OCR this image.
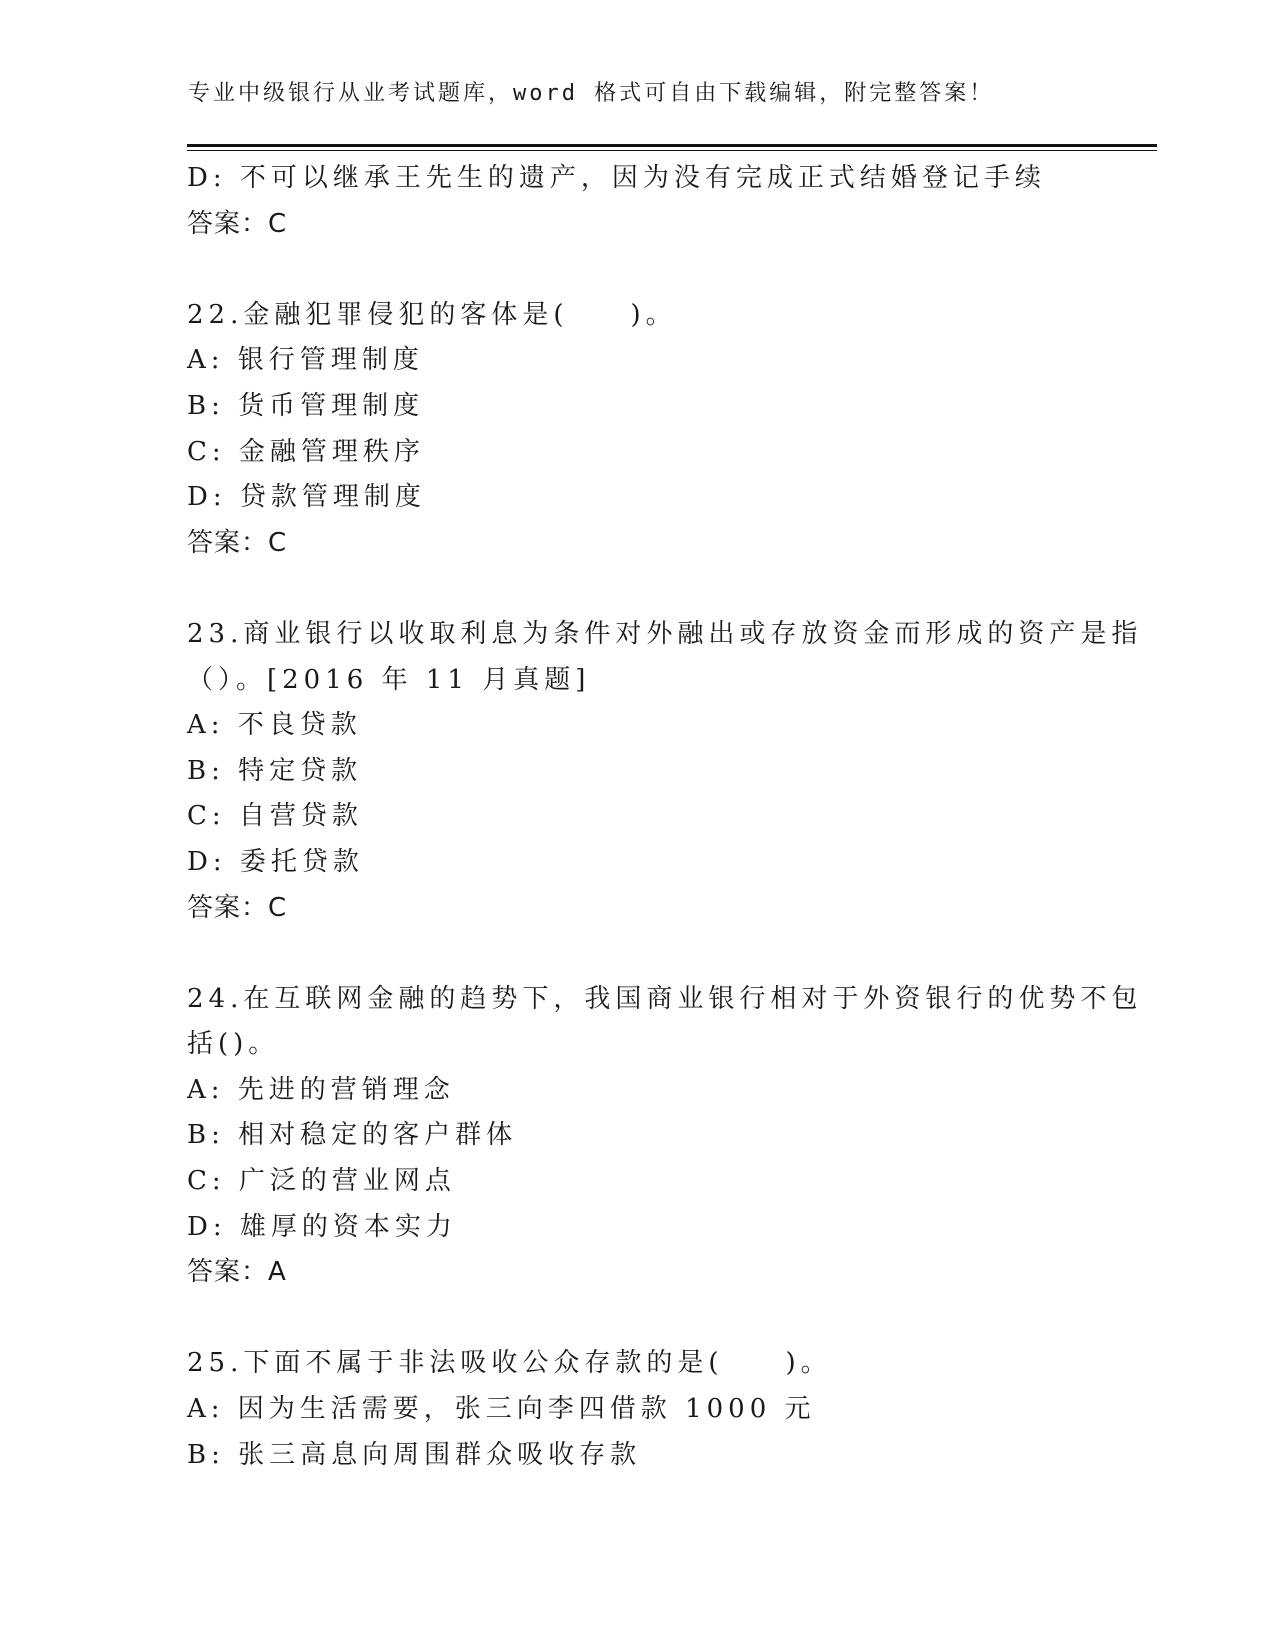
专业中级银行从业考试题库，word 格式可自由下载编辑，附完整答案！
D: 不可以继承王先生的遗产，因为没有完成正式结婚登记手续
答案：C
22.金融犯罪侵犯的客体是(　　)。
A: 银行管理制度
B: 货币管理制度
C: 金融管理秩序
D: 贷款管理制度
答案：C
23.商业银行以收取利息为条件对外融出或存放资金而形成的资产是指
（）。[2016 年 11 月真题]
A: 不良贷款
B: 特定贷款
C: 自营贷款
D: 委托贷款
答案：C
24.在互联网金融的趋势下，我国商业银行相对于外资银行的优势不包
括()。
A: 先进的营销理念
B: 相对稳定的客户群体
C: 广泛的营业网点
D: 雄厚的资本实力
答案：A
25.下面不属于非法吸收公众存款的是(　　)。
A: 因为生活需要，张三向李四借款 1000 元
B: 张三高息向周围群众吸收存款
